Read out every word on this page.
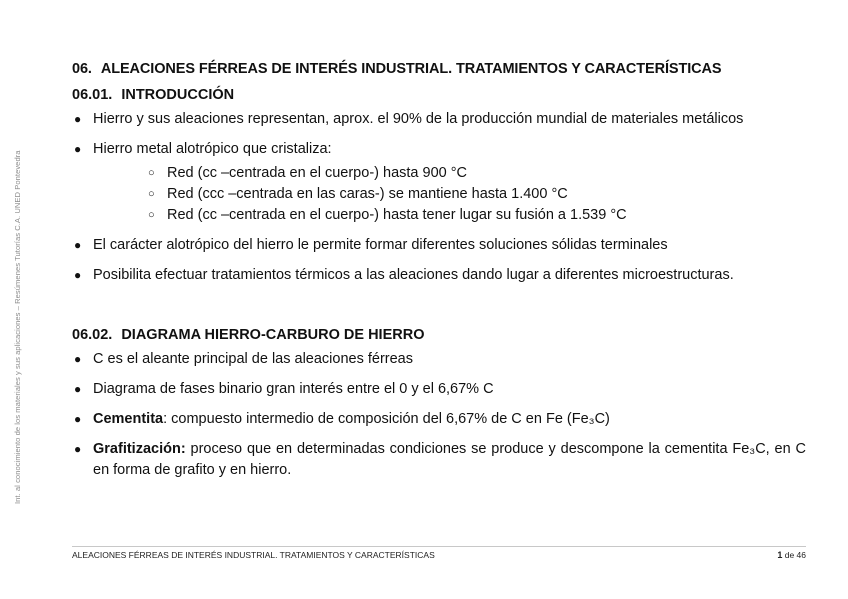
Int. al conocimiento de los materiales y sus aplicaciones – Resúmenes Tutorías C.A. UNED Pontevedra
06. ALEACIONES FÉRREAS DE INTERÉS INDUSTRIAL. TRATAMIENTOS Y CARACTERÍSTICAS
06.01. INTRODUCCIÓN
● Hierro y sus aleaciones representan, aprox. el 90% de la producción mundial de materiales metálicos
● Hierro metal alotrópico que cristaliza:
○ Red (cc –centrada en el cuerpo-) hasta 900 °C
○ Red (ccc –centrada en las caras-) se mantiene hasta 1.400 °C
○ Red (cc –centrada en el cuerpo-) hasta tener lugar su fusión a 1.539 °C
● El carácter alotrópico del hierro le permite formar diferentes soluciones sólidas terminales
● Posibilita efectuar tratamientos térmicos a las aleaciones dando lugar a diferentes microestructuras.
06.02. DIAGRAMA HIERRO-CARBURO DE HIERRO
● C es el aleante principal de las aleaciones férreas
● Diagrama de fases binario gran interés entre el 0 y el 6,67% C
● Cementita: compuesto intermedio de composición del 6,67% de C en Fe (Fe₃C)
● Grafitización: proceso que en determinadas condiciones se produce y descompone la cementita Fe₃C, en C en forma de grafito y en hierro.
ALEACIONES FÉRREAS DE INTERÉS INDUSTRIAL. TRATAMIENTOS Y CARACTERÍSTICAS	1 de 46
